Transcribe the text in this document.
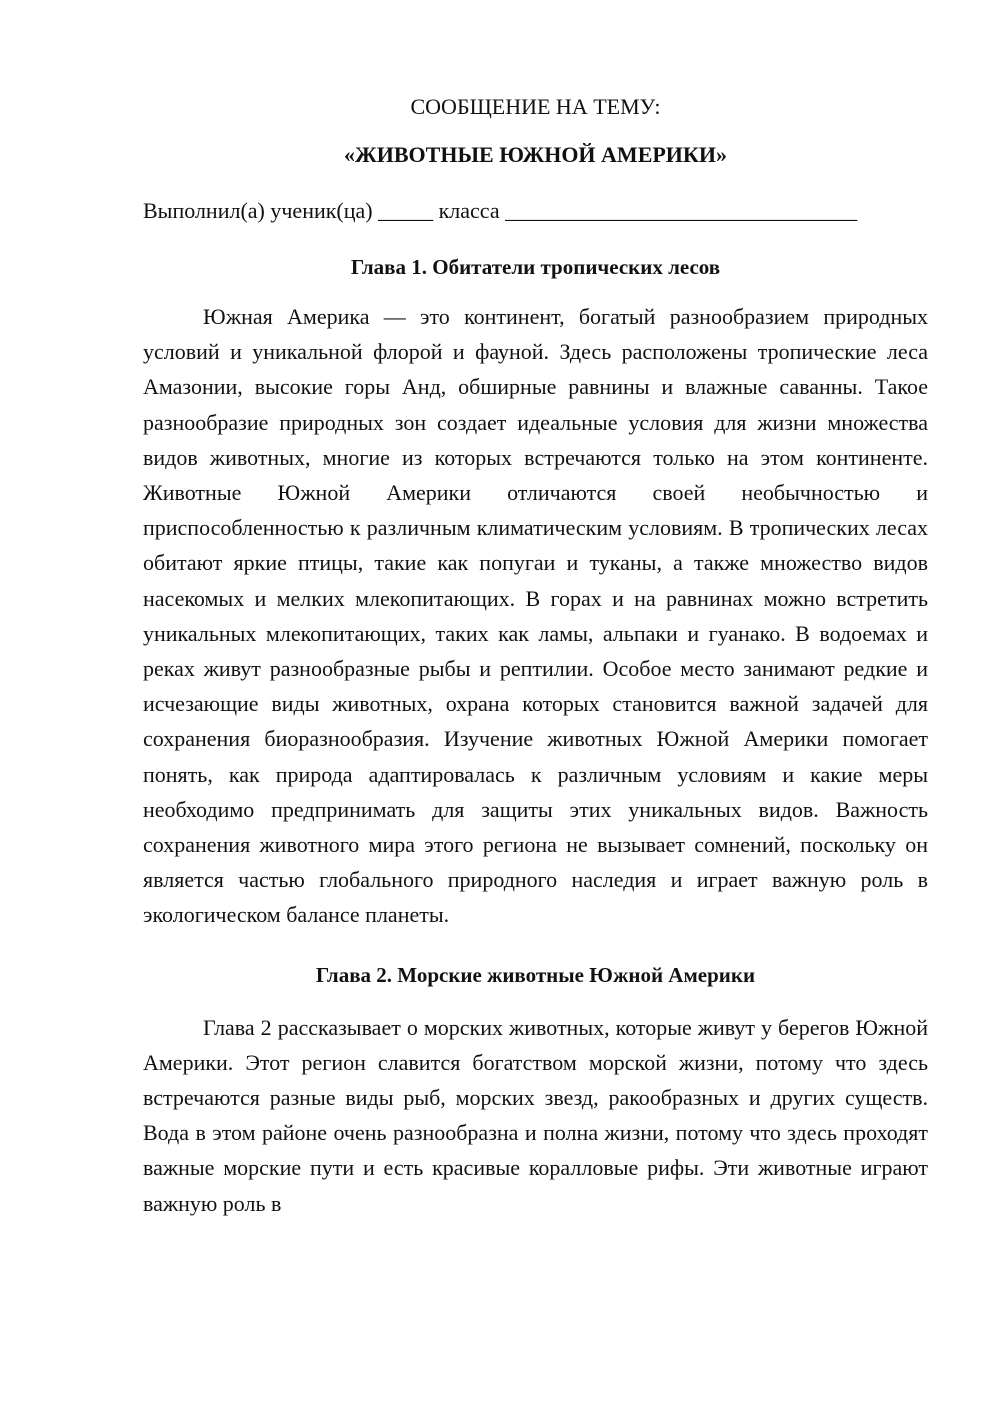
СООБЩЕНИЕ НА ТЕМУ:

«ЖИВОТНЫЕ ЮЖНОЙ АМЕРИКИ»

Выполнил(а) ученик(ца) _____ класса ________________________________
Глава 1. Обитатели тропических лесов

Южная Америка — это континент, богатый разнообразием природных условий и уникальной флорой и фауной. Здесь расположены тропические леса Амазонии, высокие горы Анд, обширные равнины и влажные саванны. Такое разнообразие природных зон создает идеальные условия для жизни множества видов животных, многие из которых встречаются только на этом континенте. Животные Южной Америки отличаются своей необычностью и приспособленностью к различным климатическим условиям. В тропических лесах обитают яркие птицы, такие как попугаи и туканы, а также множество видов насекомых и мелких млекопитающих. В горах и на равнинах можно встретить уникальных млекопитающих, таких как ламы, альпаки и гуанако. В водоемах и реках живут разнообразные рыбы и рептилии. Особое место занимают редкие и исчезающие виды животных, охрана которых становится важной задачей для сохранения биоразнообразия. Изучение животных Южной Америки помогает понять, как природа адаптировалась к различным условиям и какие меры необходимо предпринимать для защиты этих уникальных видов. Важность сохранения животного мира этого региона не вызывает сомнений, поскольку он является частью глобального природного наследия и играет важную роль в экологическом балансе планеты.

Глава 2. Морские животные Южной Америки

Глава 2 рассказывает о морских животных, которые живут у берегов Южной Америки. Этот регион славится богатством морской жизни, потому что здесь встречаются разные виды рыб, морских звезд, ракообразных и других существ. Вода в этом районе очень разнообразна и полна жизни, потому что здесь проходят важные морские пути и есть красивые коралловые рифы. Эти животные играют важную роль в
